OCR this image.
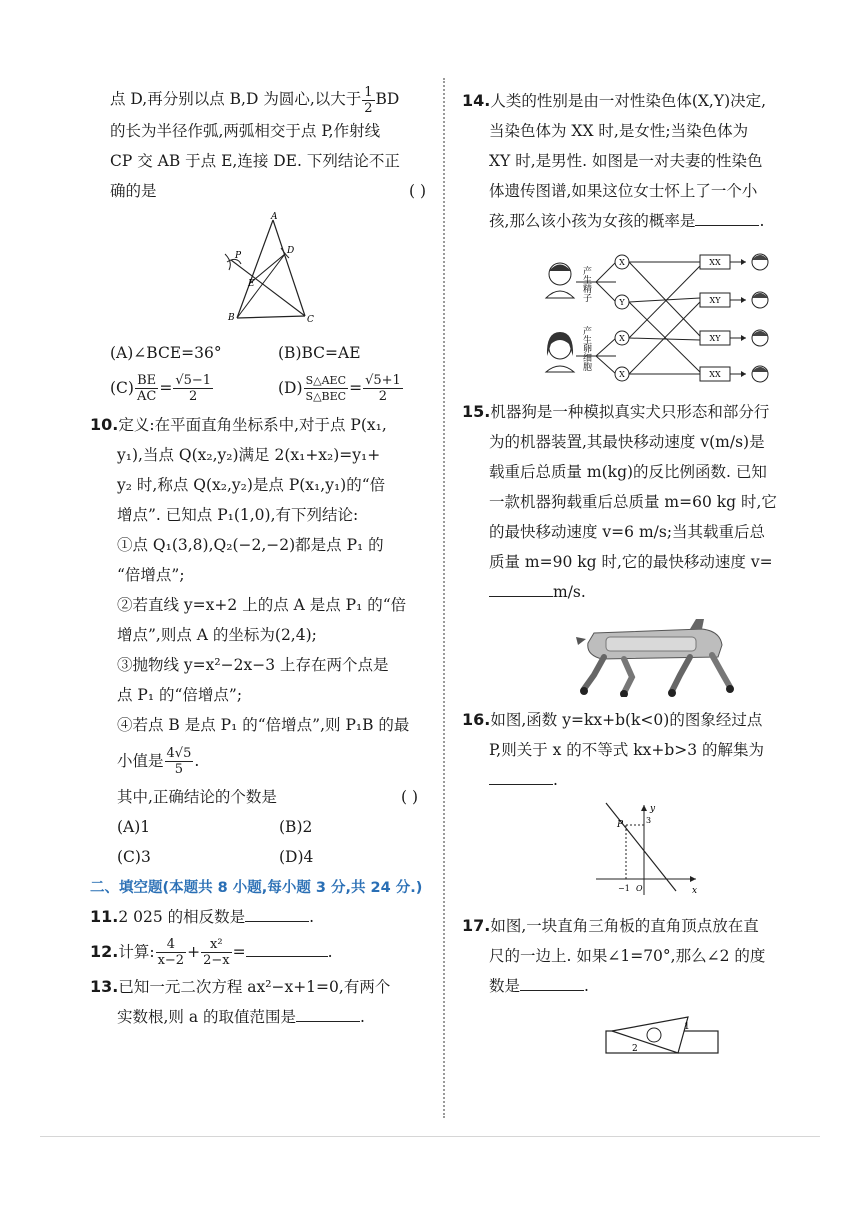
点 D,再分别以点 B,D 为圆心,以大于 $\frac{1}{2}$ BD
的长为半径作弧,两弧相交于点 P,作射线
CP 交 AB 于点 E,连接 DE. 下列结论不正
确的是	( )
A
B	C
D
E
P
(A)∠BCE=36°	(B)BC=AE
$(C) \frac{BE}{AC} = \frac{√5-1}{2}$	$(D) \frac{\text{S△AEC}}{\text{S△BEC}} = \frac{√5+1}{2}$
10.定义:在平面直角坐标系中,对于点 P(x₁,
y₁),当点 Q(x₂,y₂)满足 2(x₁+x₂)=y₁+
y₂ 时,称点 Q(x₂,y₂)是点 P(x₁,y₁)的“倍
增点”. 已知点 P₁(1,0),有下列结论:
①点 Q₁(3,8),Q₂(−2,−2)都是点 P₁ 的
“倍增点”;
②若直线 y=x+2 上的点 A 是点 P₁ 的“倍
增点”,则点 A 的坐标为(2,4);
③抛物线 y=x²−2x−3 上存在两个点是
点 P₁ 的“倍增点”;
④若点 B 是点 P₁ 的“倍增点”,则 P₁B 的最
小值是 $\frac{4√5}{5}$ .
其中,正确结论的个数是	( )
(A)1	(B)2
(C)3	(D)4
二、填空题(本题共 8 小题,每小题 3 分,共 24 分.)
11.2 025 的相反数是	.
12.计算: $\frac{4}{x-2} + \frac{\text{x²}}{2-x}$ =	.
13.已知一元二次方程 ax²−x+1=0,有两个
实数根,则 a 的取值范围是	.
14.人类的性别是由一对性染色体(X,Y)决定,
当染色体为 XX 时,是女性;当染色体为
XY 时,是男性. 如图是一对夫妻的性染色
体遗传图谱,如果这位女士怀上了一个小
孩,那么该小孩为女孩的概率是	.
产生精子
产生卵细胞
X
Y
X
X
XX
XY
XY
XX
15.机器狗是一种模拟真实犬只形态和部分行
为的机器装置,其最快移动速度 v(m/s)是
载重后总质量 m(kg)的反比例函数. 已知
一款机器狗载重后总质量 m=60 kg 时,它
的最快移动速度 v=6 m/s;当其载重后总
质量 m=90 kg 时,它的最快移动速度 v=
m/s.
16.如图,函数 y=kx+b(k<0)的图象经过点
P,则关于 x 的不等式 kx+b>3 的解集为
.
y
x
P	3
−1 O
17.如图,一块直角三角板的直角顶点放在直
尺的一边上. 如果∠1=70°,那么∠2 的度
数是	.
1
2
